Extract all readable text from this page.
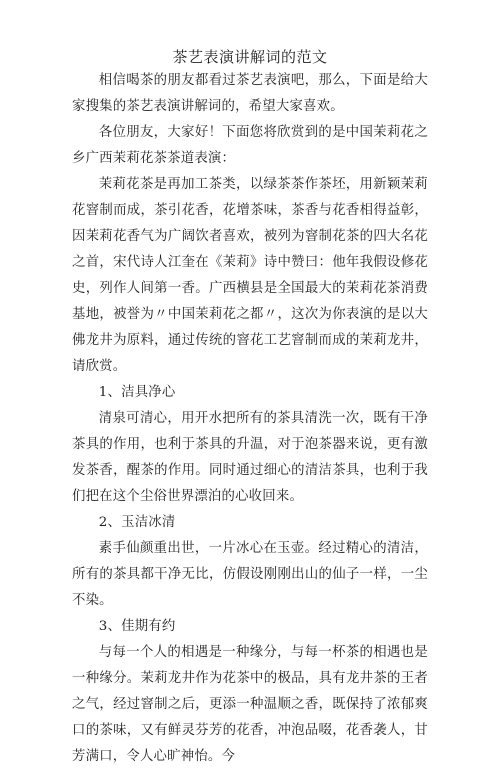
茶艺表演讲解词的范文

相信喝茶的朋友都看过茶艺表演吧，那么，下面是给大家搜集的茶艺表演讲解词的，希望大家喜欢。

各位朋友，大家好！下面您将欣赏到的是中国茉莉花之乡广西茉莉花茶茶道表演：

茉莉花茶是再加工茶类，以绿茶茶作茶坯，用新颖茉莉花窨制而成，茶引花香，花增茶味，茶香与花香相得益彰，因茉莉花香气为广阔饮者喜欢，被列为窨制花茶的四大名花之首，宋代诗人江奎在《茉莉》诗中赞曰：他年我假设修花史，列作人间第一香。广西横县是全国最大的茉莉花茶消费基地，被誉为〃中国茉莉花之都〃，这次为你表演的是以大佛龙井为原料，通过传统的窨花工艺窨制而成的茉莉龙井，请欣赏。

1、洁具净心

清泉可清心，用开水把所有的茶具清洗一次，既有干净茶具的作用，也利于茶具的升温，对于泡茶器来说，更有激发茶香，醒茶的作用。同时通过细心的清洁茶具，也利于我们把在这个尘俗世界漂泊的心收回来。

2、玉洁冰清

素手仙颜重出世，一片冰心在玉壶。经过精心的清洁，所有的茶具都干净无比，仿假设刚刚出山的仙子一样，一尘不染。

3、佳期有约

与每一个人的相遇是一种缘分，与每一杯茶的相遇也是一种缘分。茉莉龙井作为花茶中的极品，具有龙井茶的王者之气，经过窨制之后，更添一种温顺之香，既保持了浓郁爽口的茶味，又有鲜灵芬芳的花香，冲泡品啜，花香袭人，甘芳满口，令人心旷神怡。今
